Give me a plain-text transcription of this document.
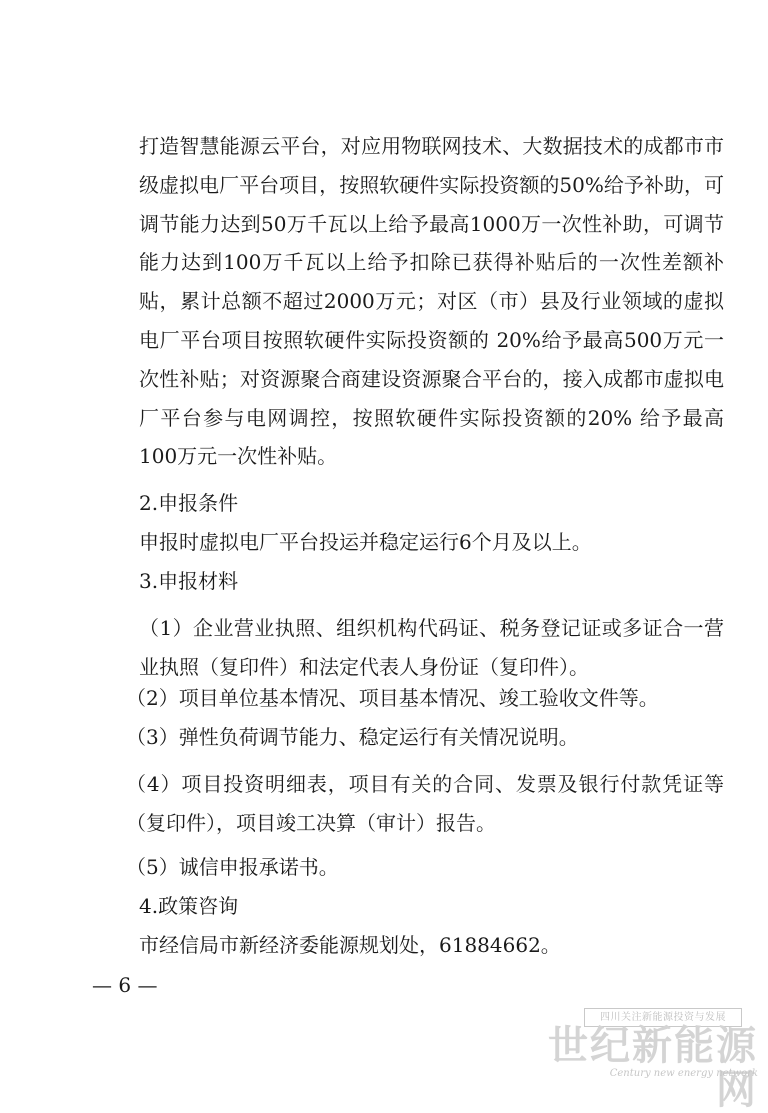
打造智慧能源云平台，对应用物联网技术、大数据技术的成都市市级虚拟电厂平台项目，按照软硬件实际投资额的50%给予补助，可调节能力达到50万千瓦以上给予最高1000万一次性补助，可调节能力达到100万千瓦以上给予扣除已获得补贴后的一次性差额补贴，累计总额不超过2000万元；对区（市）县及行业领域的虚拟电厂平台项目按照软硬件实际投资额的 20%给予最高500万元一次性补贴；对资源聚合商建设资源聚合平台的，接入成都市虚拟电厂平台参与电网调控，按照软硬件实际投资额的20% 给予最高100万元一次性补贴。

2.申报条件

申报时虚拟电厂平台投运并稳定运行6个月及以上。

3.申报材料

（1）企业营业执照、组织机构代码证、税务登记证或多证合一营业执照（复印件）和法定代表人身份证（复印件）。

（2）项目单位基本情况、项目基本情况、竣工验收文件等。

（3）弹性负荷调节能力、稳定运行有关情况说明。

（4）项目投资明细表，项目有关的合同、发票及银行付款凭证等（复印件），项目竣工决算（审计）报告。

（5）诚信申报承诺书。

4.政策咨询

市经信局市新经济委能源规划处，61884662。

— 6 —
四川关注新能源投资与发展
世纪新能源网
Century new energy network
